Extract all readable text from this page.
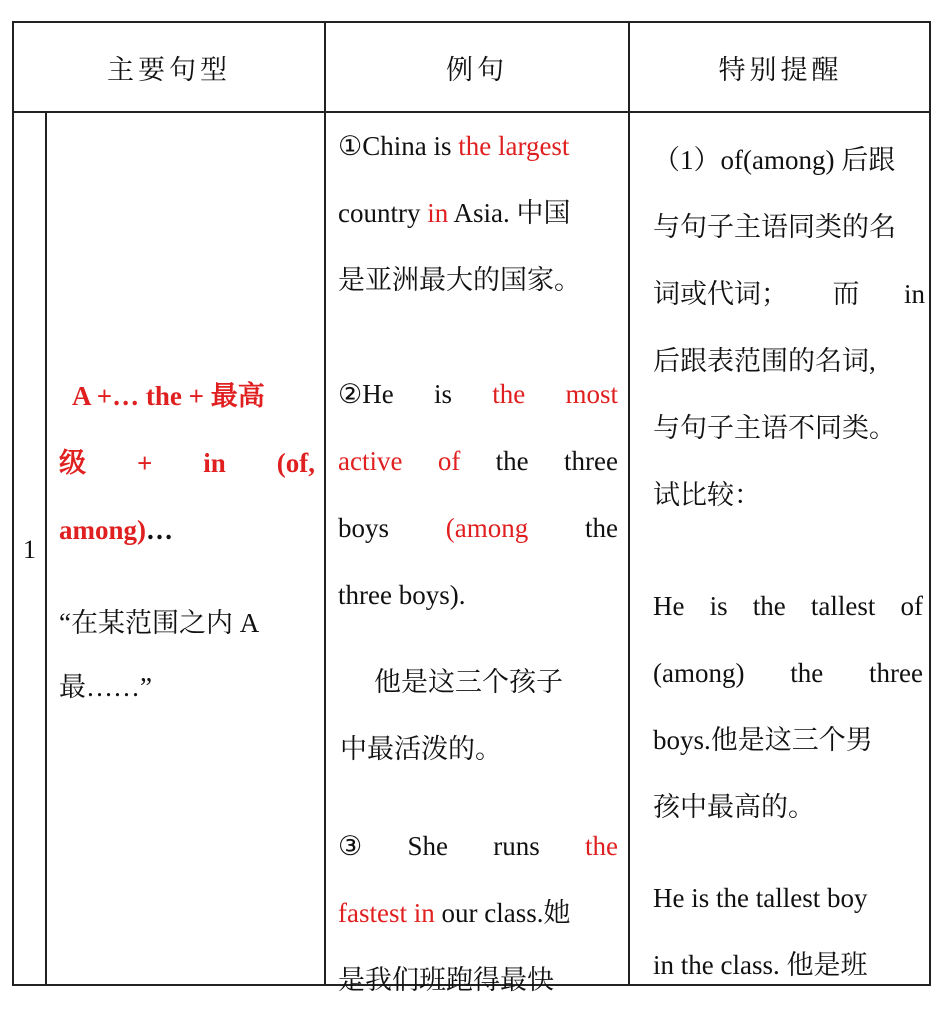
主要句型	例句	特别提醒
1
A +… the + 最高
级 + in (of,
among)…
“在某范围之内 A
最……”
①China is the largest
country in Asia. 中国
是亚洲最大的国家。
②He is the most
active of the three
boys (among the
three boys).
他是这三个孩子
中最活泼的。
③ She runs the
fastest in our class.她
是我们班跑得最快
（1）of(among) 后跟
与句子主语同类的名
词或代词； 而 in
后跟表范围的名词,
与句子主语不同类。
试比较：
He is the tallest of
(among) the three
boys.他是这三个男
孩中最高的。
He is the tallest boy
in the class. 他是班
